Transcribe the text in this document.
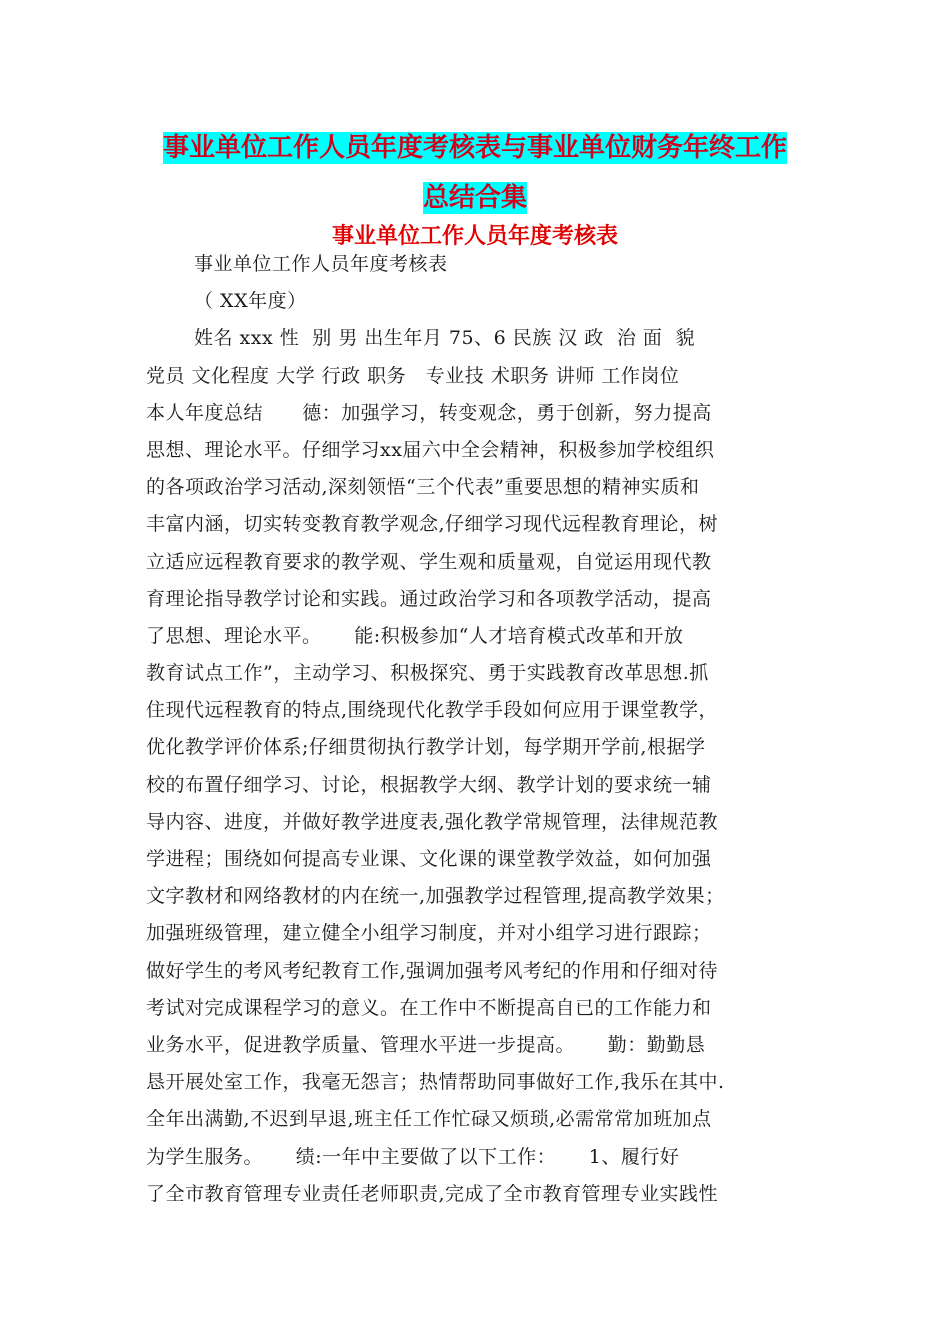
事业单位工作人员年度考核表与事业单位财务年终工作
总结合集
事业单位工作人员年度考核表
事业单位工作人员年度考核表
（ XX年度）
姓名 xxx 性  别 男 出生年月 75、6 民族 汉 政  治 面  貌
党员 文化程度 大学 行政 职务   专业技 术职务 讲师 工作岗位
本人年度总结      德：加强学习，转变观念，勇于创新，努力提高
思想、理论水平。仔细学习xx届六中全会精神，积极参加学校组织
的各项政治学习活动,深刻领悟“三个代表”重要思想的精神实质和
丰富内涵，切实转变教育教学观念,仔细学习现代远程教育理论，树
立适应远程教育要求的教学观、学生观和质量观，自觉运用现代教
育理论指导教学讨论和实践。通过政治学习和各项教学活动，提高
了思想、理论水平。     能:积极参加“人才培育模式改革和开放
教育试点工作”，主动学习、积极探究、勇于实践教育改革思想.抓
住现代远程教育的特点,围绕现代化教学手段如何应用于课堂教学，
优化教学评价体系;仔细贯彻执行教学计划，每学期开学前,根据学
校的布置仔细学习、讨论，根据教学大纲、教学计划的要求统一辅
导内容、进度，并做好教学进度表,强化教学常规管理，法律规范教
学进程；围绕如何提高专业课、文化课的课堂教学效益，如何加强
文字教材和网络教材的内在统一,加强教学过程管理,提高教学效果；
加强班级管理，建立健全小组学习制度，并对小组学习进行跟踪；
做好学生的考风考纪教育工作,强调加强考风考纪的作用和仔细对待
考试对完成课程学习的意义。在工作中不断提高自已的工作能力和
业务水平，促进教学质量、管理水平进一步提高。     勤：勤勤恳
恳开展处室工作，我毫无怨言；热情帮助同事做好工作,我乐在其中.
全年出满勤,不迟到早退,班主任工作忙碌又烦琐,必需常常加班加点
为学生服务。     绩:一年中主要做了以下工作：     1、履行好
了全市教育管理专业责任老师职责,完成了全市教育管理专业实践性
